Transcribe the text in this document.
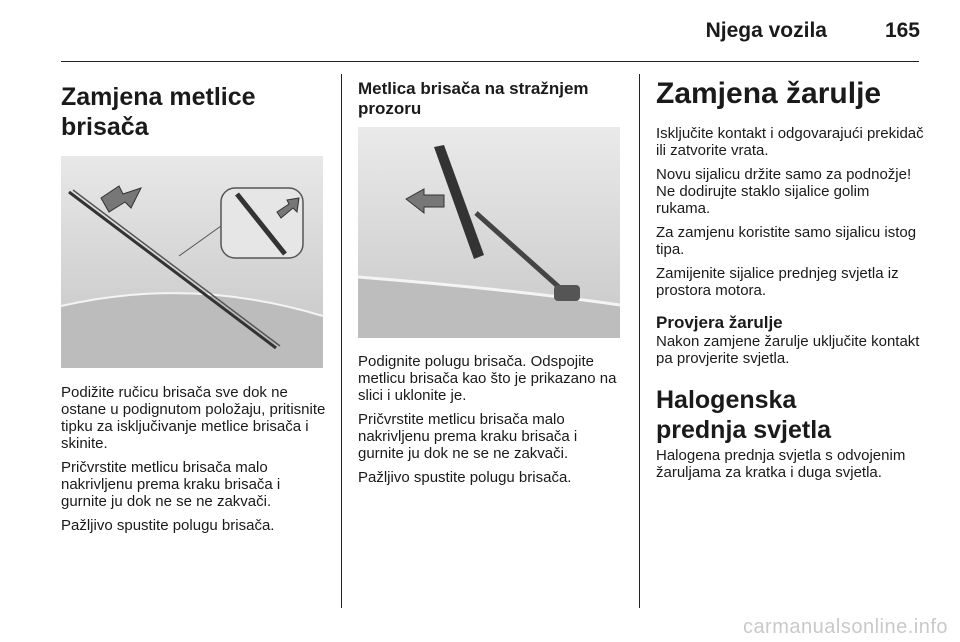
Njega vozila	165
Zamjena metlice brisača

Podižite ručicu brisača sve dok ne ostane u podignutom položaju, pritisnite tipku za isključivanje metlice brisača i skinite.

Pričvrstite metlicu brisača malo nakrivljenu prema kraku brisača i gurnite ju dok ne se ne zakvači.

Pažljivo spustite polugu brisača.

Metlica brisača na stražnjem prozoru

Podignite polugu brisača. Odspojite metlicu brisača kao što je prikazano na slici i uklonite je.

Pričvrstite metlicu brisača malo nakrivljenu prema kraku brisača i gurnite ju dok ne se ne zakvači.

Pažljivo spustite polugu brisača.

Zamjena žarulje

Isključite kontakt i odgovarajući prekidač ili zatvorite vrata.

Novu sijalicu držite samo za podnožje! Ne dodirujte staklo sijalice golim rukama.

Za zamjenu koristite samo sijalicu istog tipa.

Zamijenite sijalice prednjeg svjetla iz prostora motora.

Provjera žarulje

Nakon zamjene žarulje uključite kontakt pa provjerite svjetla.

Halogenska prednja svjetla

Halogena prednja svjetla s odvojenim žaruljama za kratka i duga svjetla.

carmanualsonline.info
